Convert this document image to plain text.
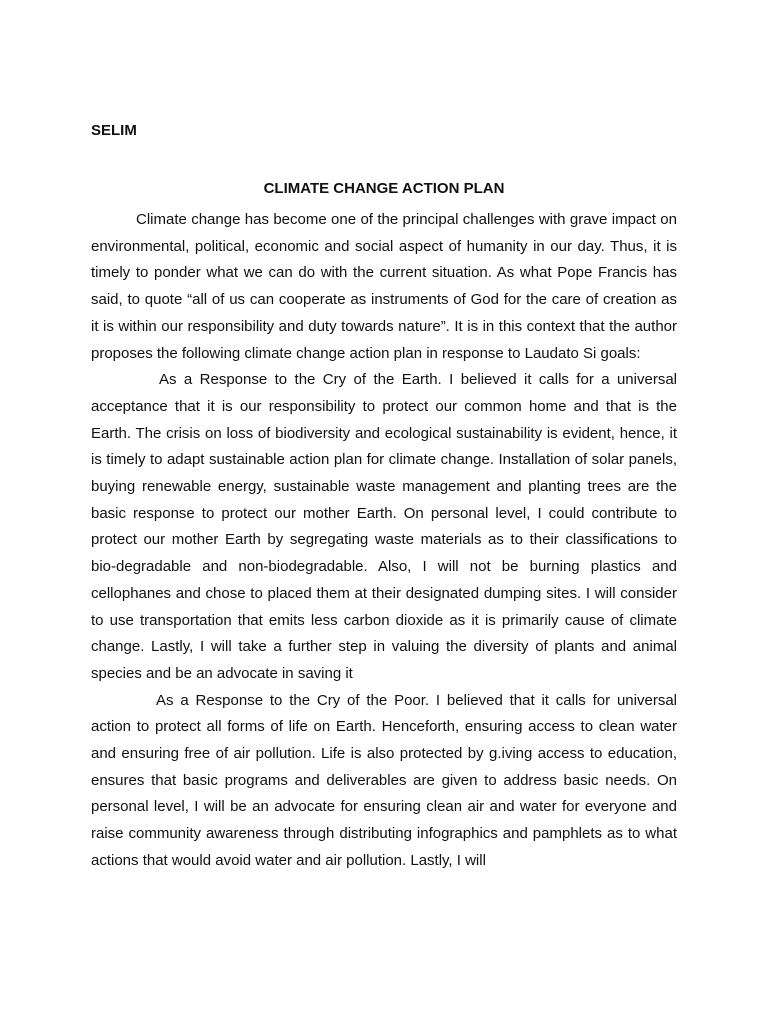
SELIM

CLIMATE CHANGE ACTION PLAN

Climate change has become one of the principal challenges with grave impact on environmental, political, economic and social aspect of humanity in our day. Thus, it is timely to ponder what we can do with the current situation. As what Pope Francis has said, to quote “all of us can cooperate as instruments of God for the care of creation as it is within our responsibility and duty towards nature”. It is in this context that the author proposes the following climate change action plan in response to Laudato Si goals:

As a Response to the Cry of the Earth. I believed it calls for a universal acceptance that it is our responsibility to protect our common home and that is the Earth. The crisis on loss of biodiversity and ecological sustainability is evident, hence, it is timely to adapt sustainable action plan for climate change. Installation of solar panels, buying renewable energy, sustainable waste management and planting trees are the basic response to protect our mother Earth. On personal level, I could contribute to protect our mother Earth by segregating waste materials as to their classifications to bio-degradable and non-biodegradable. Also, I will not be burning plastics and cellophanes and chose to placed them at their designated dumping sites. I will consider to use transportation that emits less carbon dioxide as it is primarily cause of climate change. Lastly, I will take a further step in valuing the diversity of plants and animal species and be an advocate in saving it

As a Response to the Cry of the Poor. I believed that it calls for universal action to protect all forms of life on Earth. Henceforth, ensuring access to clean water and ensuring free of air pollution. Life is also protected by g.iving access to education, ensures that basic programs and deliverables are given to address basic needs. On personal level, I will be an advocate for ensuring clean air and water for everyone and raise community awareness through distributing infographics and pamphlets as to what actions that would avoid water and air pollution. Lastly, I will
